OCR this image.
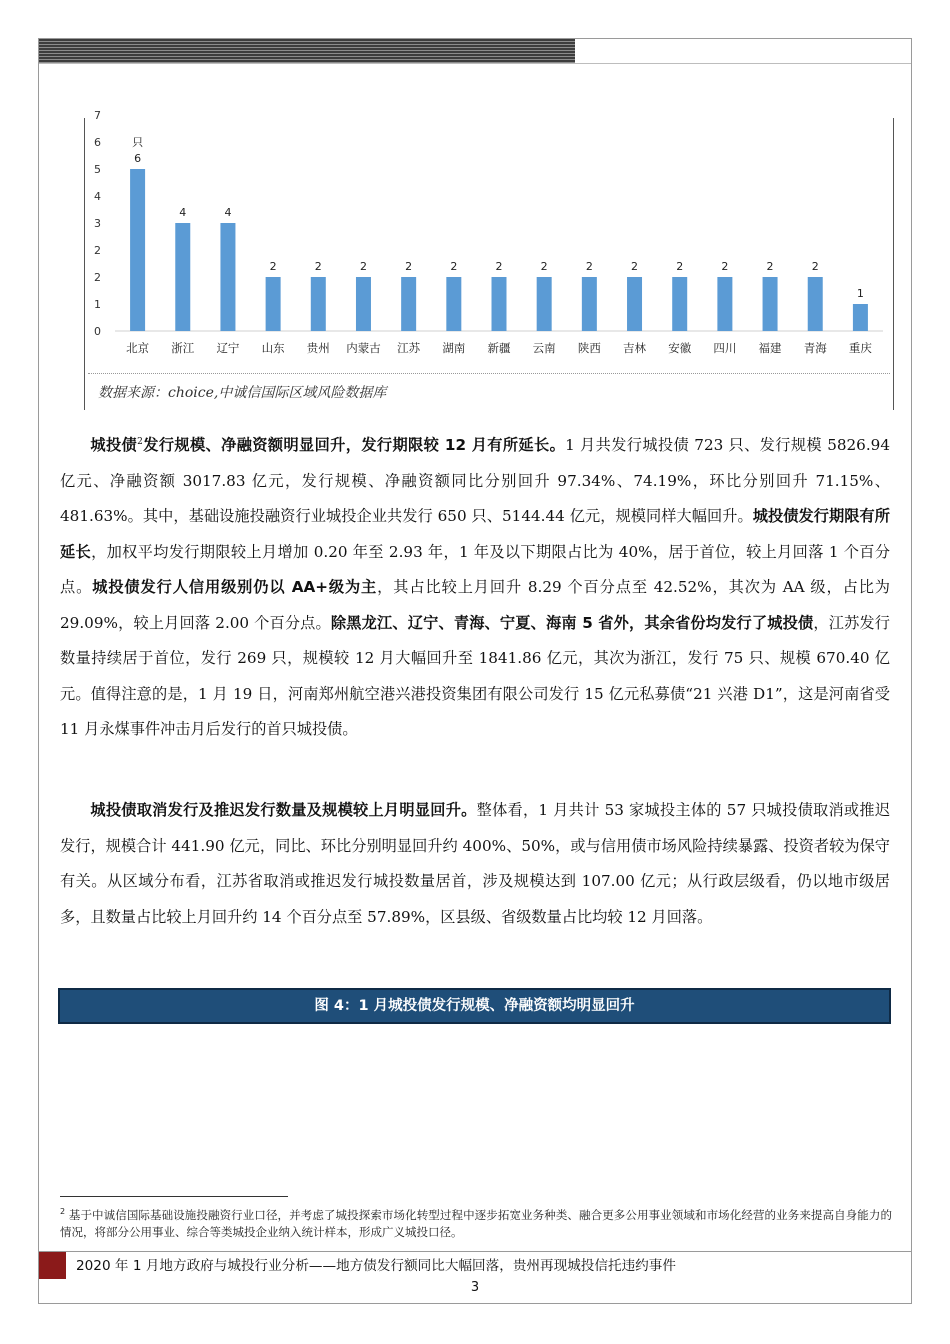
0
1
2
2
3
4
5
6
7
6
北京
4
浙江
4
辽宁
2
山东
2
贵州
2
内蒙古
2
江苏
2
湖南
2
新疆
2
云南
2
陕西
2
吉林
2
安徽
2
四川
2
福建
2
青海
1
重庆
只
数据来源：choice,中诚信国际区域风险数据库

城投债$^2$发行规模、净融资额明显回升，发行期限较 12 月有所延长。1 月共发行城投债 723 只、发行规模 5826.94 亿元、净融资额 3017.83 亿元，发行规模、净融资额同比分别回升 97.34%、74.19%，环比分别回升 71.15%、481.63%。其中，基础设施投融资行业城投企业共发行 650 只、5144.44 亿元，规模同样大幅回升。城投债发行期限有所延长，加权平均发行期限较上月增加 0.20 年至 2.93 年，1 年及以下期限占比为 40%，居于首位，较上月回落 1 个百分点。城投债发行人信用级别仍以 AA+级为主，其占比较上月回升 8.29 个百分点至 42.52%，其次为 AA 级，占比为 29.09%，较上月回落 2.00 个百分点。除黑龙江、辽宁、青海、宁夏、海南 5 省外，其余省份均发行了城投债，江苏发行数量持续居于首位，发行 269 只，规模较 12 月大幅回升至 1841.86 亿元，其次为浙江，发行 75 只、规模 670.40 亿元。值得注意的是，1 月 19 日，河南郑州航空港兴港投资集团有限公司发行 15 亿元私募债“21 兴港 D1”，这是河南省受 11 月永煤事件冲击月后发行的首只城投债。

城投债取消发行及推迟发行数量及规模较上月明显回升。整体看，1 月共计 53 家城投主体的 57 只城投债取消或推迟发行，规模合计 441.90 亿元，同比、环比分别明显回升约 400%、50%，或与信用债市场风险持续暴露、投资者较为保守有关。从区域分布看，江苏省取消或推迟发行城投数量居首，涉及规模达到 107.00 亿元；从行政层级看，仍以地市级居多，且数量占比较上月回升约 14 个百分点至 57.89%，区县级、省级数量占比均较 12 月回落。

图 4：1 月城投债发行规模、净融资额均明显回升

$^2$ 基于中诚信国际基础设施投融资行业口径，并考虑了城投探索市场化转型过程中逐步拓宽业务种类、融合更多公用事业领域和市场化经营的业务来提高自身能力的情况，将部分公用事业、综合等类城投企业纳入统计样本，形成广义城投口径。

2020 年 1 月地方政府与城投行业分析——地方债发行额同比大幅回落，贵州再现城投信托违约事件
3
